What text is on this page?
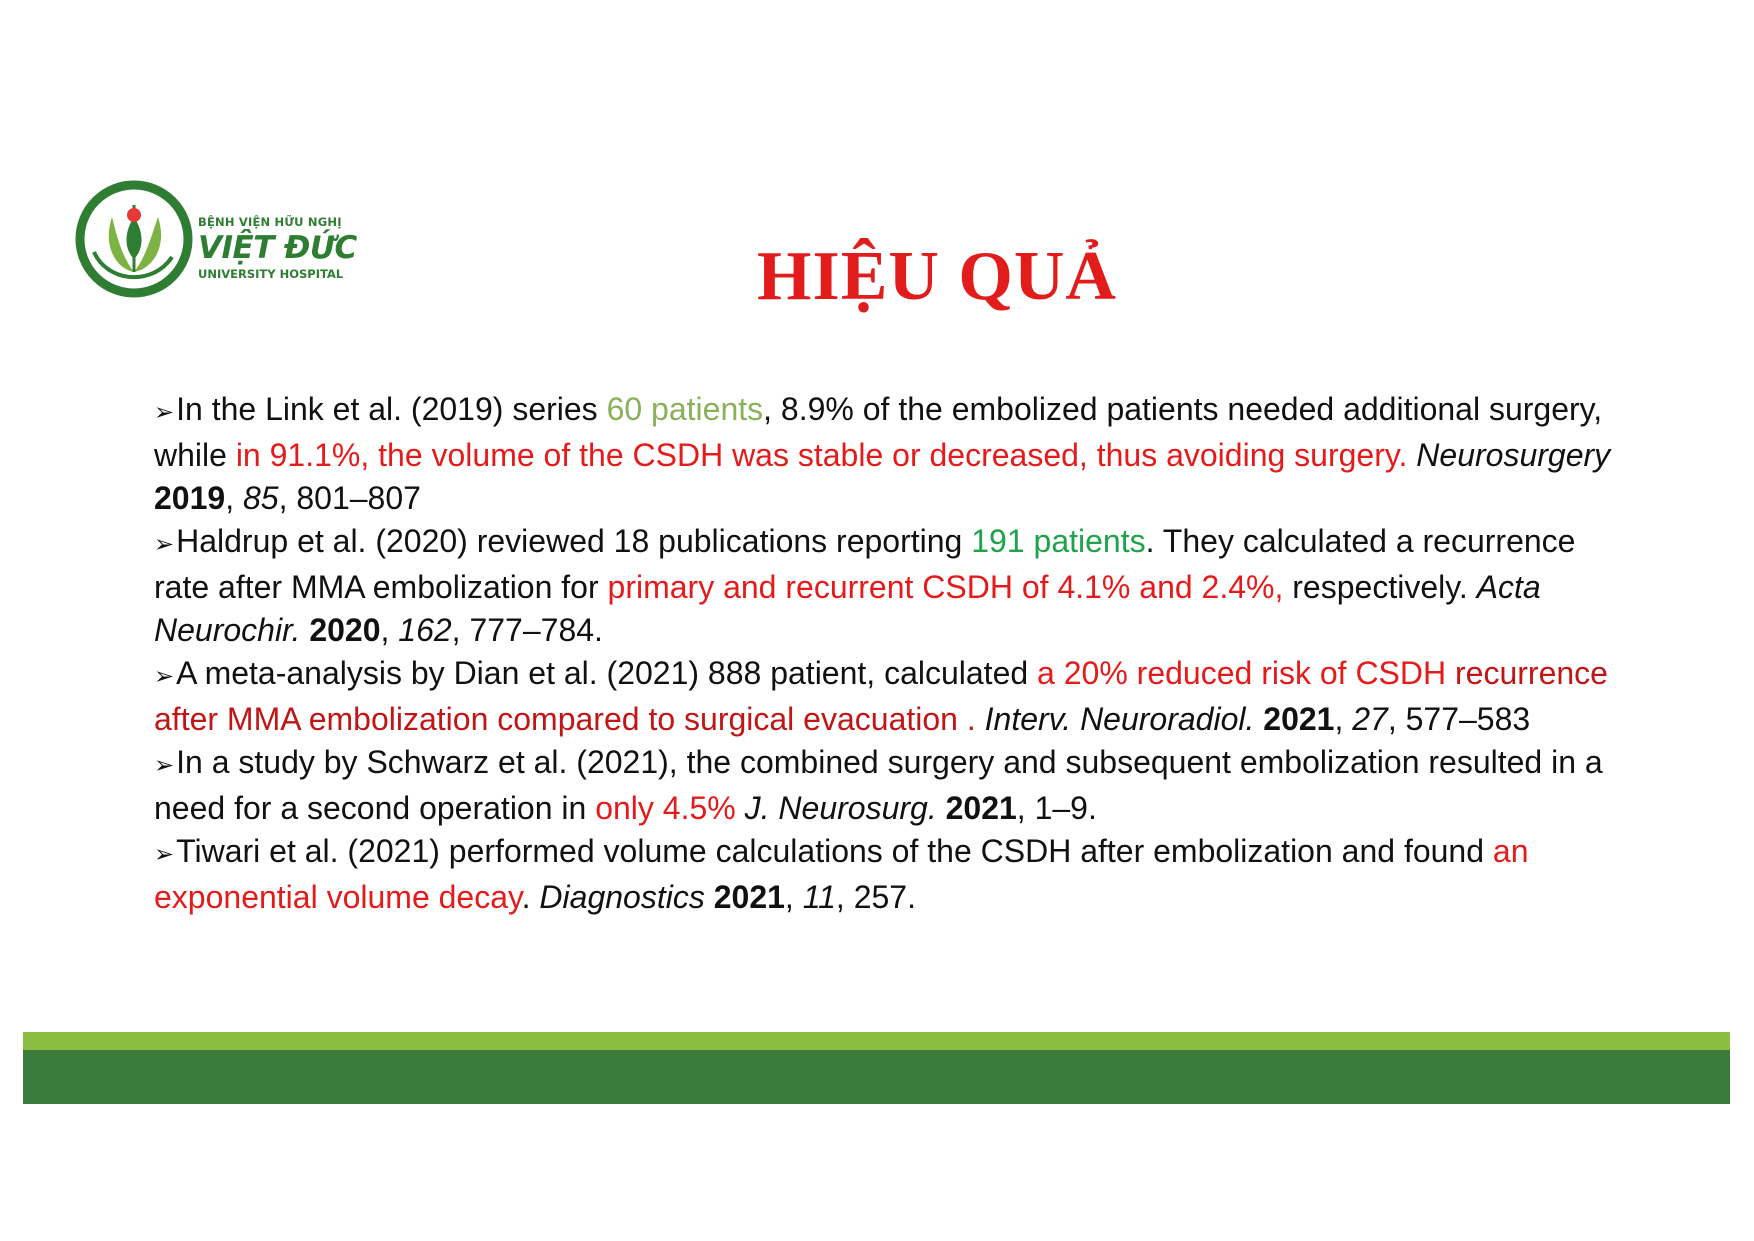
BỆNH VIỆN HỮU NGHỊ
VIỆT ĐỨC
UNIVERSITY HOSPITAL	HIỆU QUẢ

➢In the Link et al. (2019) series 60 patients, 8.9% of the embolized patients needed additional surgery, while in 91.1%, the volume of the CSDH was stable or decreased, thus avoiding surgery. Neurosurgery 2019, 85, 801–807

➢Haldrup et al. (2020) reviewed 18 publications reporting 191 patients. They calculated a recurrence rate after MMA embolization for primary and recurrent CSDH of 4.1% and 2.4%, respectively. Acta Neurochir. 2020, 162, 777–784.

➢A meta-analysis by Dian et al. (2021) 888 patient, calculated a 20% reduced risk of CSDH recurrence after MMA embolization compared to surgical evacuation . Interv. Neuroradiol. 2021, 27, 577–583

➢In a study by Schwarz et al. (2021), the combined surgery and subsequent embolization resulted in a need for a second operation in only 4.5% J. Neurosurg. 2021, 1–9.

➢Tiwari et al. (2021) performed volume calculations of the CSDH after embolization and found an exponential volume decay. Diagnostics 2021, 11, 257.
